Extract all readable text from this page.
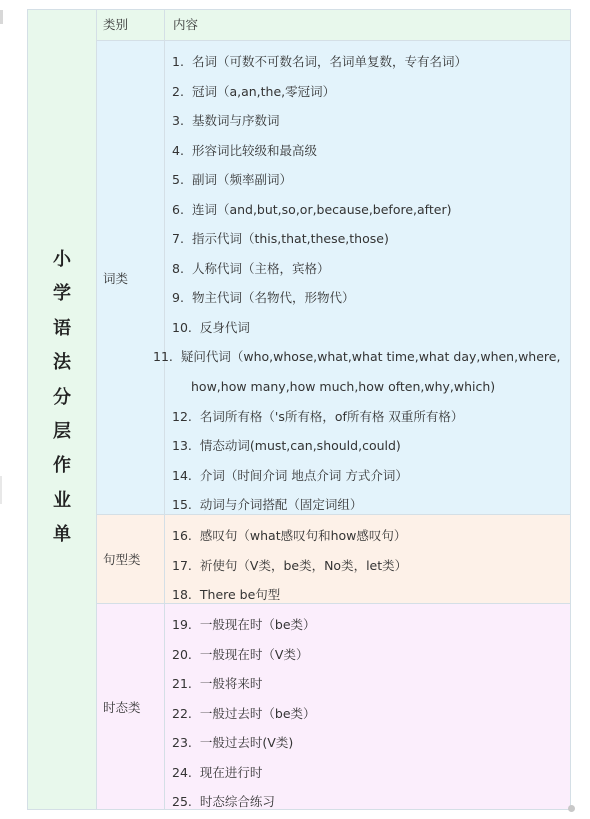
小
学
语
法
分
层
作
业
单
类别	内容
词类
1. 名词（可数不可数名词，名词单复数，专有名词）
2. 冠词（a,an,the,零冠词）
3. 基数词与序数词
4. 形容词比较级和最高级
5. 副词（频率副词）
6. 连词（and,but,so,or,because,before,after)
7. 指示代词（this,that,these,those)
8. 人称代词（主格，宾格）
9. 物主代词（名物代，形物代）
10. 反身代词
11. 疑问代词（who,whose,what,what time,what day,when,where, how,how many,how much,how often,why,which)
12. 名词所有格（'s所有格，of所有格 双重所有格）
13. 情态动词(must,can,should,could)
14. 介词（时间介词 地点介词 方式介词）
15. 动词与介词搭配（固定词组）
句型类
16. 感叹句（what感叹句和how感叹句）
17. 祈使句（V类，be类，No类，let类）
18. There be句型
时态类
19. 一般现在时（be类）
20. 一般现在时（V类）
21. 一般将来时
22. 一般过去时（be类）
23. 一般过去时(V类)
24. 现在进行时
25. 时态综合练习
